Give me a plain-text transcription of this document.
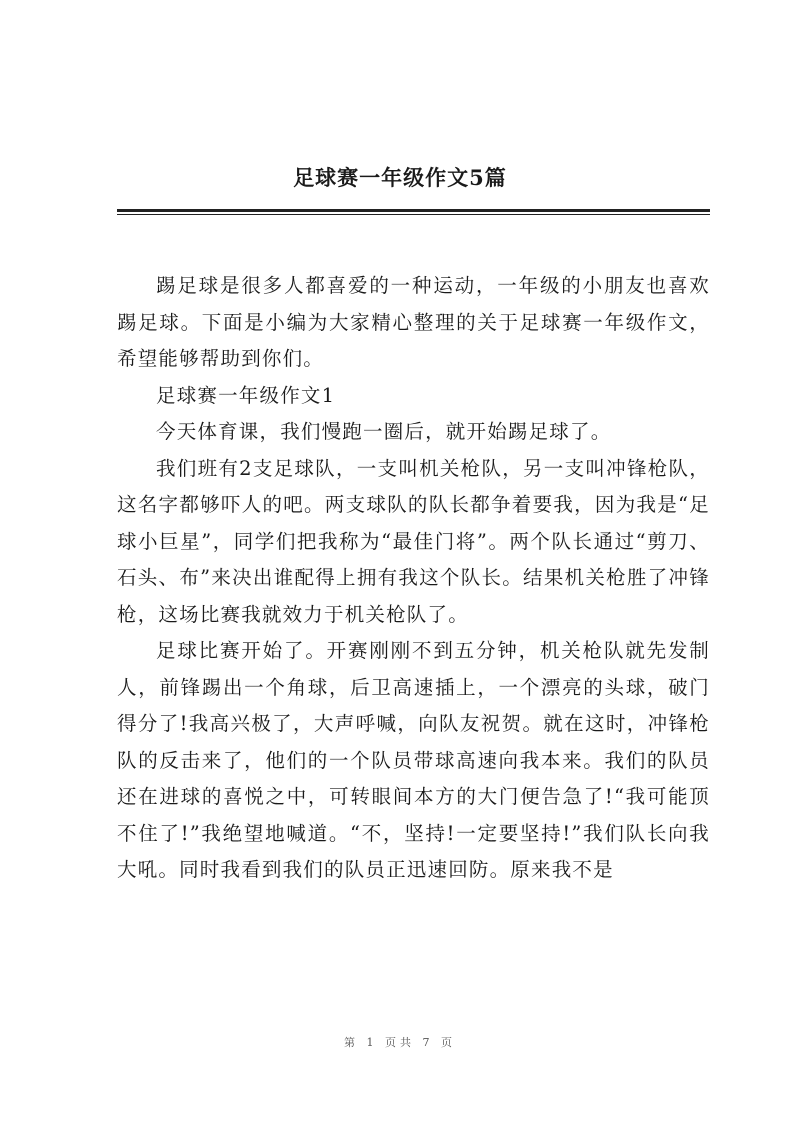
足球赛一年级作文5篇

踢足球是很多人都喜爱的一种运动，一年级的小朋友也喜欢踢足球。下面是小编为大家精心整理的关于足球赛一年级作文，希望能够帮助到你们。

足球赛一年级作文1

今天体育课，我们慢跑一圈后，就开始踢足球了。

我们班有2支足球队，一支叫机关枪队，另一支叫冲锋枪队，这名字都够吓人的吧。两支球队的队长都争着要我，因为我是“足球小巨星”，同学们把我称为“最佳门将”。两个队长通过“剪刀、石头、布”来决出谁配得上拥有我这个队长。结果机关枪胜了冲锋枪，这场比赛我就效力于机关枪队了。

足球比赛开始了。开赛刚刚不到五分钟，机关枪队就先发制人，前锋踢出一个角球，后卫高速插上，一个漂亮的头球，破门得分了!我高兴极了，大声呼喊，向队友祝贺。就在这时，冲锋枪队的反击来了，他们的一个队员带球高速向我本来。我们的队员还在进球的喜悦之中，可转眼间本方的大门便告急了!“我可能顶不住了!”我绝望地喊道。“不，坚持!一定要坚持!”我们队长向我大吼。同时我看到我们的队员正迅速回防。原来我不是

第 1 页共 7 页
